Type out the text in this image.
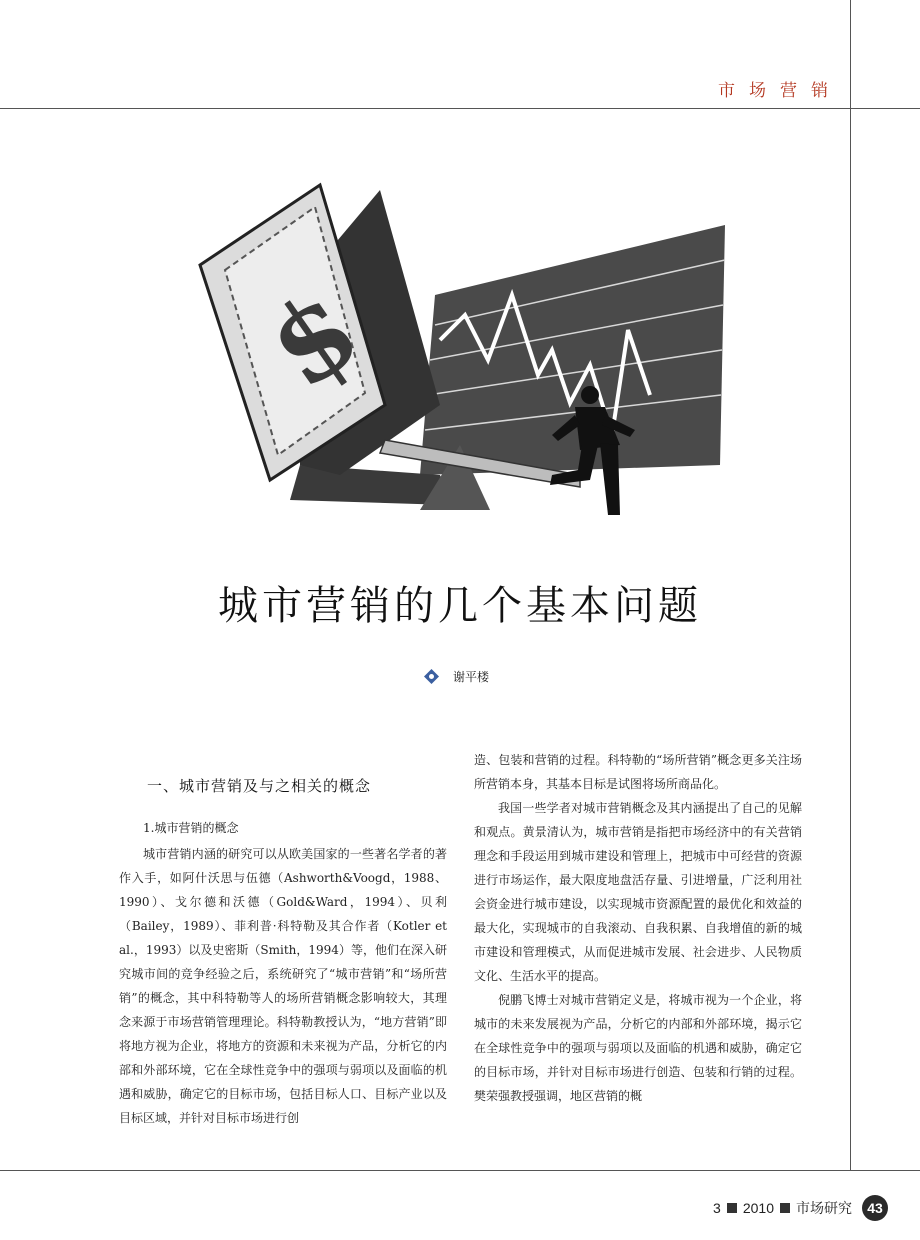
市场营销
$
城市营销的几个基本问题
谢平楼

一、城市营销及与之相关的概念

1.城市营销的概念

城市营销内涵的研究可以从欧美国家的一些著名学者的著作入手，如阿什沃思与伍德（Ashworth&Voogd，1988、1990）、戈尔德和沃德（Gold&Ward，1994）、贝利（Bailey，1989）、菲利普·科特勒及其合作者（Kotler et al.，1993）以及史密斯（Smith，1994）等，他们在深入研究城市间的竞争经验之后，系统研究了“城市营销”和“场所营销”的概念，其中科特勒等人的场所营销概念影响较大，其理念来源于市场营销管理理论。科特勒教授认为，“地方营销”即将地方视为企业，将地方的资源和未来视为产品，分析它的内部和外部环境，它在全球性竞争中的强项与弱项以及面临的机遇和威胁，确定它的目标市场，包括目标人口、目标产业以及目标区域，并针对目标市场进行创

造、包装和营销的过程。科特勒的“场所营销”概念更多关注场所营销本身，其基本目标是试图将场所商品化。

我国一些学者对城市营销概念及其内涵提出了自己的见解和观点。黄景清认为，城市营销是指把市场经济中的有关营销理念和手段运用到城市建设和管理上，把城市中可经营的资源进行市场运作，最大限度地盘活存量、引进增量，广泛利用社会资金进行城市建设，以实现城市资源配置的最优化和效益的最大化，实现城市的自我滚动、自我积累、自我增值的新的城市建设和管理模式，从而促进城市发展、社会进步、人民物质文化、生活水平的提高。

倪鹏飞博士对城市营销定义是，将城市视为一个企业，将城市的未来发展视为产品，分析它的内部和外部环境，揭示它在全球性竞争中的强项与弱项以及面临的机遇和威胁，确定它的目标市场，并针对目标市场进行创造、包装和行销的过程。樊荣强教授强调，地区营销的概

3 2010 市场研究	43
